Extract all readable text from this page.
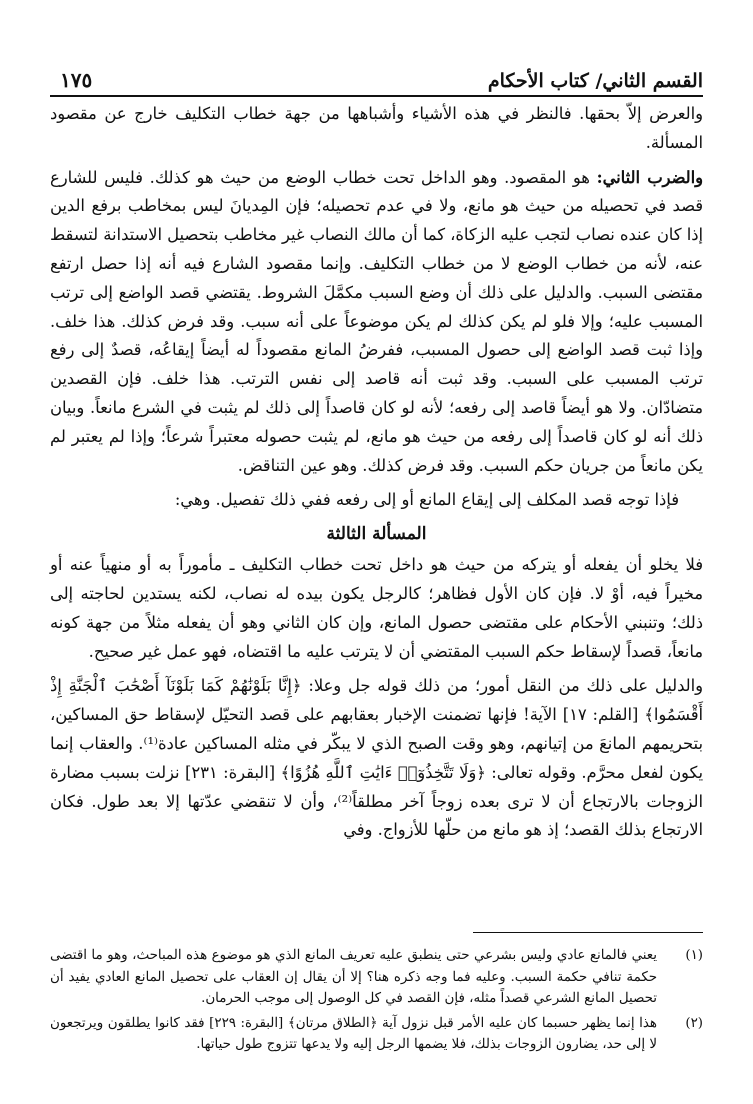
القسم الثاني/ كتاب الأحكام
١٧٥

والعرض إلاّ بحقها. فالنظر في هذه الأشياء وأشباهها من جهة خطاب التكليف خارج عن مقصود المسألة.

والضرب الثاني: هو المقصود. وهو الداخل تحت خطاب الوضع من حيث هو كذلك. فليس للشارع قصد في تحصيله من حيث هو مانع، ولا في عدم تحصيله؛ فإن المِديانَ ليس بمخاطب برفع الدين إذا كان عنده نصاب لتجب عليه الزكاة، كما أن مالك النصاب غير مخاطب بتحصيل الاستدانة لتسقط عنه، لأنه من خطاب الوضع لا من خطاب التكليف. وإنما مقصود الشارع فيه أنه إذا حصل ارتفع مقتضى السبب. والدليل على ذلك أن وضع السبب مكمَّلَ الشروط. يقتضي قصد الواضع إلى ترتب المسبب عليه؛ وإلا فلو لم يكن كذلك لم يكن موضوعاً على أنه سبب. وقد فرض كذلك. هذا خلف. وإذا ثبت قصد الواضع إلى حصول المسبب، ففرضُ المانع مقصوداً له أيضاً إيقاعُه، قصدٌ إلى رفع ترتب المسبب على السبب. وقد ثبت أنه قاصد إلى نفس الترتب. هذا خلف. فإن القصدين متضادّان. ولا هو أيضاً قاصد إلى رفعه؛ لأنه لو كان قاصداً إلى ذلك لم يثبت في الشرع مانعاً. وبيان ذلك أنه لو كان قاصداً إلى رفعه من حيث هو مانع، لم يثبت حصوله معتبراً شرعاً؛ وإذا لم يعتبر لم يكن مانعاً من جريان حكم السبب. وقد فرض كذلك. وهو عين التناقض.

فإذا توجه قصد المكلف إلى إيقاع المانع أو إلى رفعه ففي ذلك تفصيل. وهي:

المسألة الثالثة

فلا يخلو أن يفعله أو يتركه من حيث هو داخل تحت خطاب التكليف ـ مأموراً به أو منهياً عنه أو مخيراً فيه، أوْ لا. فإن كان الأول فظاهر؛ كالرجل يكون بيده له نصاب، لكنه يستدين لحاجته إلى ذلك؛ وتنبني الأحكام على مقتضى حصول المانع، وإن كان الثاني وهو أن يفعله مثلاً من جهة كونه مانعاً، قصداً لإسقاط حكم السبب المقتضي أن لا يترتب عليه ما اقتضاه، فهو عمل غير صحيح.

والدليل على ذلك من النقل أمور؛ من ذلك قوله جل وعلا: ﴿إِنَّا بَلَوْنَٰهُمْ كَمَا بَلَوْنَآ أَصْحَٰبَ ٱلْجَنَّةِ إِذْ أَقْسَمُوا﴾ [القلم: ١٧] الآية! فإنها تضمنت الإخبار بعقابهم على قصد التحيّل لإسقاط حق المساكين، بتحريمهم المانعَ من إتيانهم، وهو وقت الصبح الذي لا يبكّر في مثله المساكين عادة⁽¹⁾. والعقاب إنما يكون لفعل محرَّم. وقوله تعالى: ﴿وَلَا تَتَّخِذُوٓا۟ ءَايَٰتِ ٱللَّهِ هُزُوًا﴾ [البقرة: ٢٣١] نزلت بسبب مضارة الزوجات بالارتجاع أن لا ترى بعده زوجاً آخر مطلقاً⁽²⁾، وأن لا تنقضي عدّتها إلا بعد طول. فكان الارتجاع بذلك القصد؛ إذ هو مانع من حلّها للأزواج. وفي

(١)
يعني فالمانع عادي وليس بشرعي حتى ينطبق عليه تعريف المانع الذي هو موضوع هذه المباحث، وهو ما اقتضى حكمة تنافي حكمة السبب. وعليه فما وجه ذكره هنا؟ إلا أن يقال إن العقاب على تحصيل المانع العادي يفيد أن تحصيل المانع الشرعي قصداً مثله، فإن القصد في كل الوصول إلى موجب الحرمان.
(٢)
هذا إنما يظهر حسبما كان عليه الأمر قبل نزول آية ﴿الطلاق مرتان﴾ [البقرة: ٢٢٩] فقد كانوا يطلقون ويرتجعون لا إلى حد، يضارون الزوجات بذلك، فلا يضمها الرجل إليه ولا يدعها تتزوج طول حياتها.
